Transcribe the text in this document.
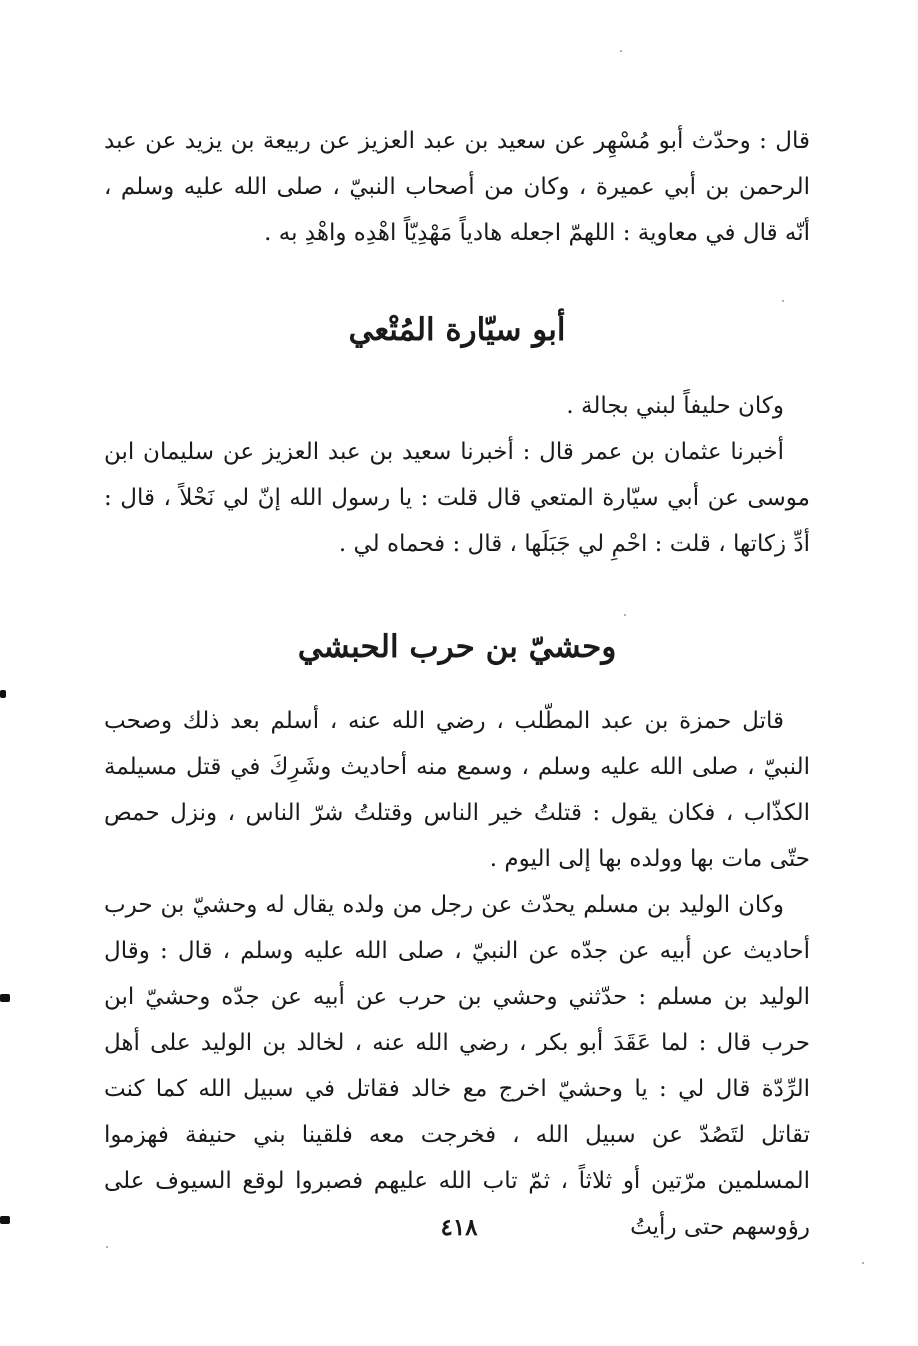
قال : وحدّث أبو مُسْهِر عن سعيد بن عبد العزيز عن ربيعة بن يزيد عن عبد الرحمن بن أبي عميرة ، وكان من أصحاب النبيّ ، صلى الله عليه وسلم ، أنّه قال في معاوية : اللهمّ اجعله هادياً مَهْدِيّاً اهْدِه واهْدِ به .

أبو سيّارة المُتْعي

وكان حليفاً لبني بجالة .

أخبرنا عثمان بن عمر قال : أخبرنا سعيد بن عبد العزيز عن سليمان ابن موسى عن أبي سيّارة المتعي قال قلت : يا رسول الله إنّ لي نَحْلاً ، قال : أدِّ زكاتها ، قلت : احْمِ لي جَبَلَها ، قال : فحماه لي .

وحشيّ بن حرب الحبشي

قاتل حمزة بن عبد المطّلب ، رضي الله عنه ، أسلم بعد ذلك وصحب النبيّ ، صلى الله عليه وسلم ، وسمع منه أحاديث وشَرِكَ في قتل مسيلمة الكذّاب ، فكان يقول : قتلتُ خير الناس وقتلتُ شرّ الناس ، ونزل حمص حتّى مات بها وولده بها إلى اليوم .

وكان الوليد بن مسلم يحدّث عن رجل من ولده يقال له وحشيّ بن حرب أحاديث عن أبيه عن جدّه عن النبيّ ، صلى الله عليه وسلم ، قال : وقال الوليد بن مسلم : حدّثني وحشي بن حرب عن أبيه عن جدّه وحشيّ ابن حرب قال : لما عَقَدَ أبو بكر ، رضي الله عنه ، لخالد بن الوليد على أهل الرِّدّة قال لي : يا وحشيّ اخرج مع خالد فقاتل في سبيل الله كما كنت تقاتل لتَصُدّ عن سبيل الله ، فخرجت معه فلقينا بني حنيفة فهزموا المسلمين مرّتين أو ثلاثاً ، ثمّ تاب الله عليهم فصبروا لوقع السيوف على رؤوسهم حتى رأيتُ

٤١٨
